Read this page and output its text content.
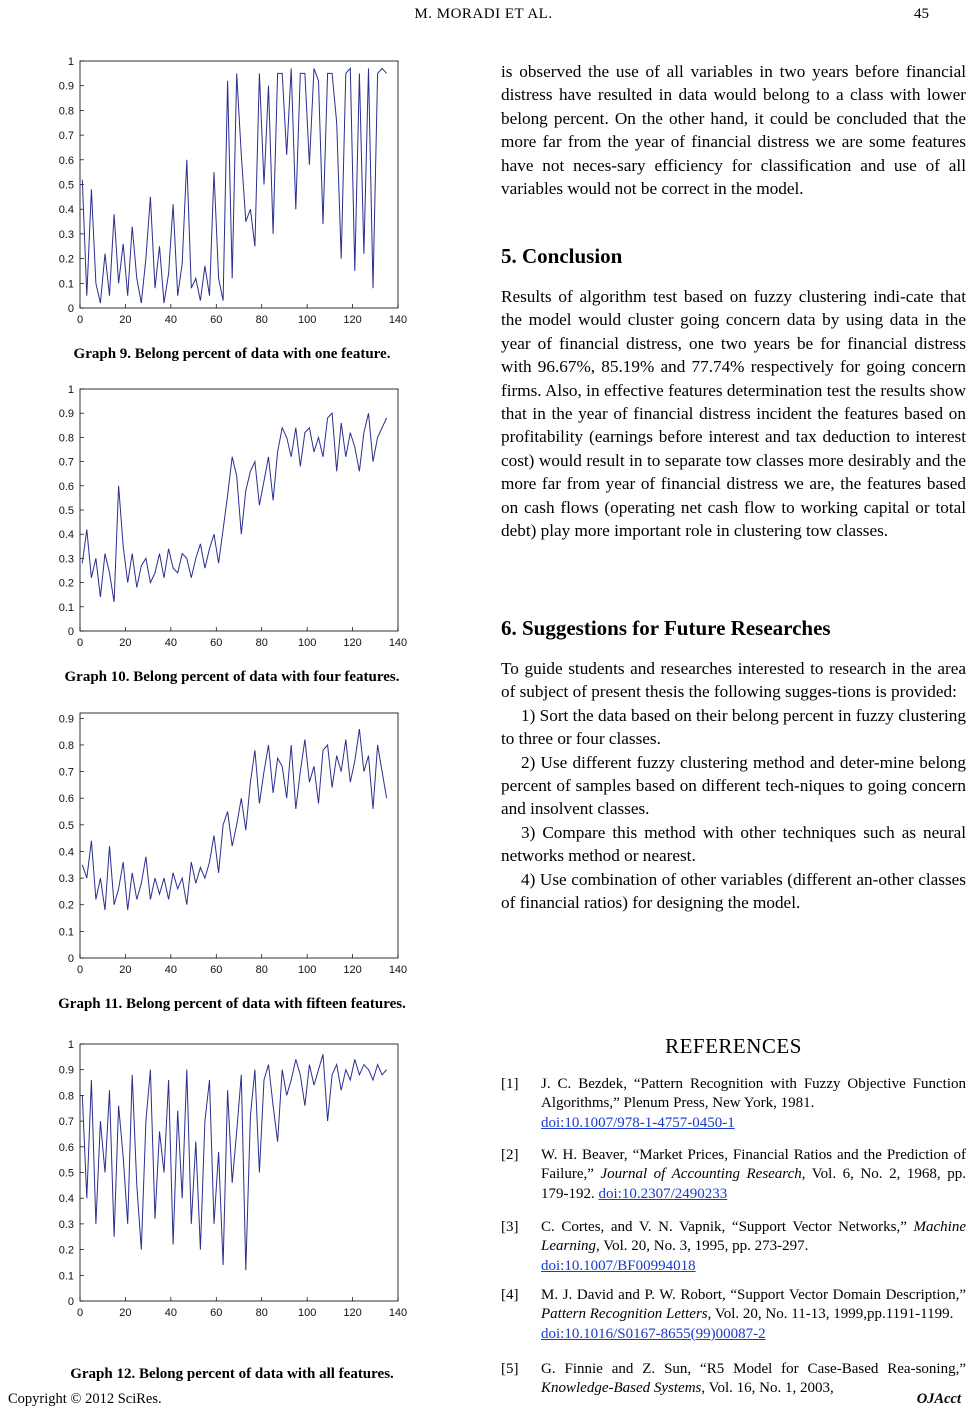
M. MORADI ET AL.	45
0
0.1
0.2
0.3
0.4
0.5
0.6
0.7
0.8
0.9
1
0	20	40	60	80	100 120 140
Graph 9. Belong percent of data with one feature.
0
0.1
0.2
0.3
0.4
0.5
0.6
0.7
0.8
0.9
1
0	20	40	60	80	100 120 140
Graph 10. Belong percent of data with four features.
0
0.1
0.2
0.3
0.4
0.5
0.6
0.7
0.8
0.9
0	20	40	60	80	100 120 140
Graph 11. Belong percent of data with fifteen features.
0
0.1
0.2
0.3
0.4
0.5
0.6
0.7
0.8
0.9
1
0	20	40	60	80	100 120 140
Graph 12. Belong percent of data with all features.

is observed the use of all variables in two years before financial distress have resulted in data would belong to a class with lower belong percent. On the other hand, it could be concluded that the more far from the year of financial distress we are some features have not neces-sary efficiency for classification and use of all variables would not be correct in the model.

5. Conclusion

Results of algorithm test based on fuzzy clustering indi-cate that the model would cluster going concern data by using data in the year of financial distress, one two years be for financial distress with 96.67%, 85.19% and 77.74% respectively for going concern firms. Also, in effective features determination test the results show that in the year of financial distress incident the features based on profitability (earnings before interest and tax deduction to interest cost) would result in to separate tow classes more desirably and the more far from year of financial distress we are, the features based on cash flows (operating net cash flow to working capital or total debt) play more important role in clustering tow classes.

6. Suggestions for Future Researches

To guide students and researches interested to research in the area of subject of present thesis the following sugges-tions is provided:

1) Sort the data based on their belong percent in fuzzy clustering to three or four classes.

2) Use different fuzzy clustering method and deter-mine belong percent of samples based on different tech-niques to going concern and insolvent classes.

3) Compare this method with other techniques such as neural networks method or nearest.

4) Use combination of other variables (different an-other classes of financial ratios) for designing the model.

REFERENCES
[1] J. C. Bezdek, “Pattern Recognition with Fuzzy Objective Function Algorithms,” Plenum Press, New York, 1981.
doi:10.1007/978-1-4757-0450-1
[2] W. H. Beaver, “Market Prices, Financial Ratios and the Prediction of Failure,” Journal of Accounting Research, Vol. 6, No. 2, 1968, pp. 179-192. doi:10.2307/2490233
[3] C. Cortes, and V. N. Vapnik, “Support Vector Networks,” Machine Learning, Vol. 20, No. 3, 1995, pp. 273-297.
doi:10.1007/BF00994018
[4] M. J. David and P. W. Robort, “Support Vector Domain Description,” Pattern Recognition Letters, Vol. 20, No. 11-13, 1999,pp.1191-1199.
doi:10.1016/S0167-8655(99)00087-2
[5] G. Finnie and Z. Sun, “R5 Model for Case-Based Rea-soning,” Knowledge-Based Systems, Vol. 16, No. 1, 2003,
Copyright © 2012 SciRes.	OJAcct
